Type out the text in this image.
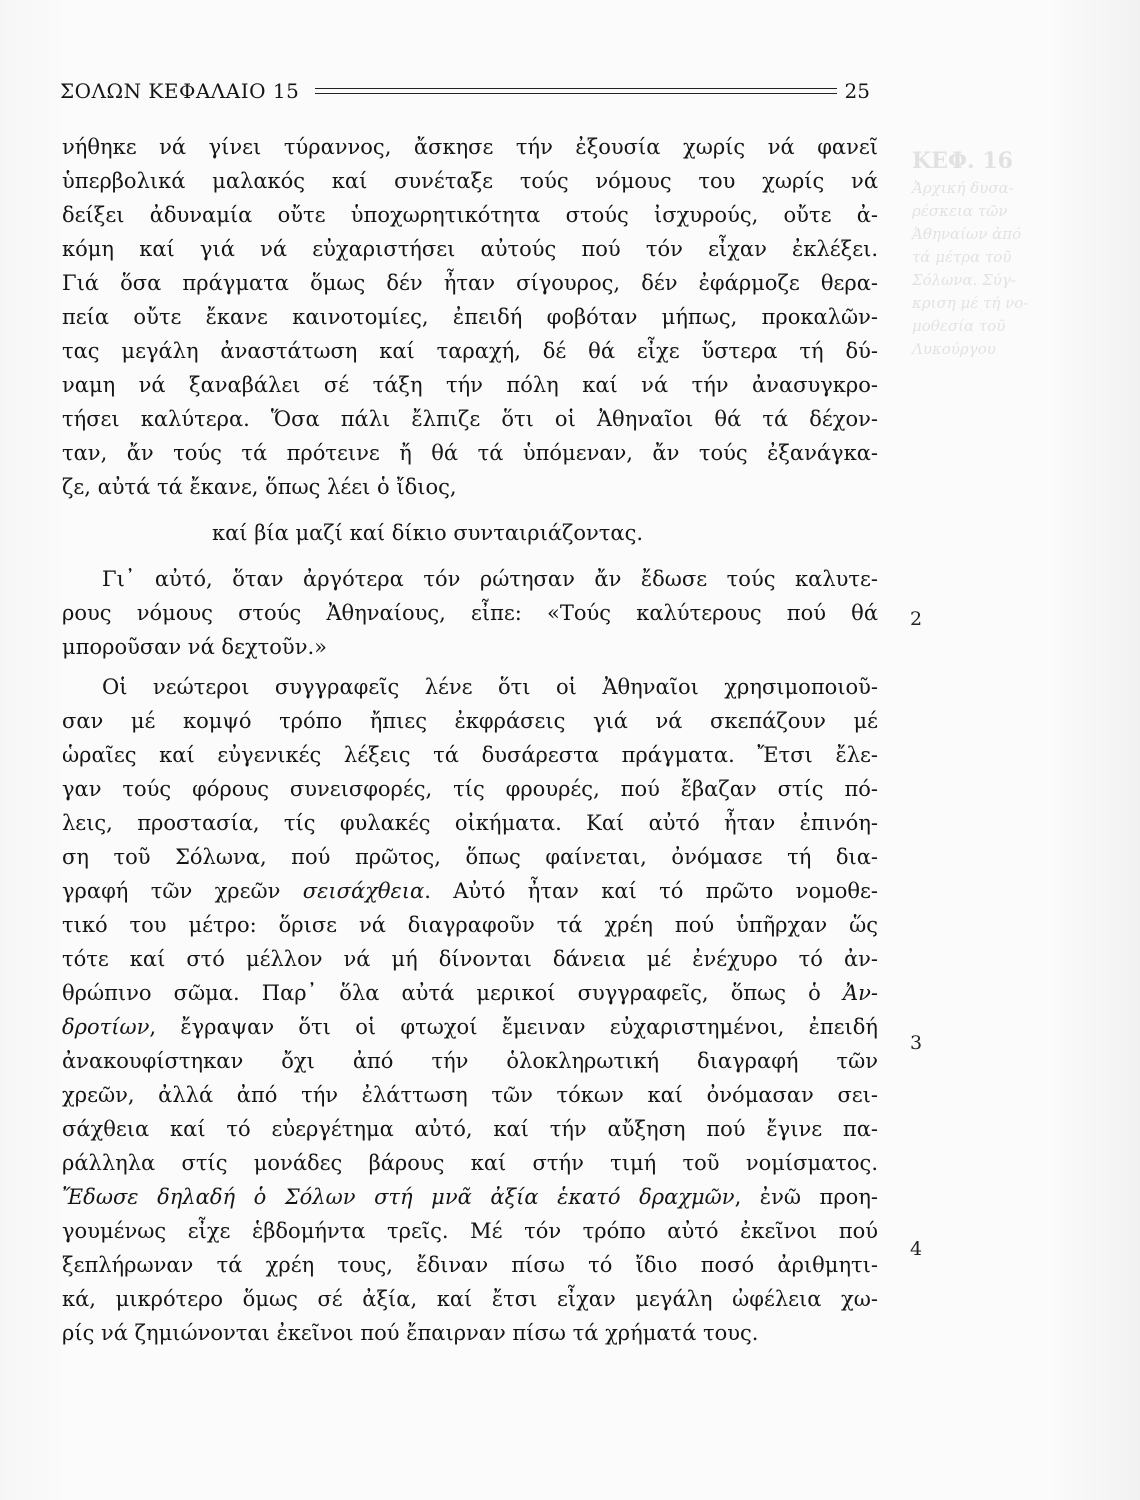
ΚΕΦ. 16
Ἀρχική δυσα-
ρέσκεια τῶν
Ἀθηναίων ἀπό
τά μέτρα τοῦ
Σόλωνα. Σύγ-
κριση μέ τή νο-
μοθεσία τοῦ
Λυκούργου
ΣΟΛΩΝ ΚΕΦΑΛΑΙΟ 15	25
νήθηκε νά γίνει τύραννος, ἄσκησε τήν ἐξουσία χωρίς νά φανεῖ
ὑπερβολικά μαλακός καί συνέταξε τούς νόμους του χωρίς νά
δείξει ἀδυναμία οὔτε ὑποχωρητικότητα στούς ἰσχυρούς, οὔτε ἀ-
κόμη καί γιά νά εὐχαριστήσει αὐτούς πού τόν εἶχαν ἐκλέξει.
Γιά ὅσα πράγματα ὅμως δέν ἦταν σίγουρος, δέν ἐφάρμοζε θερα-
πεία οὔτε ἔκανε καινοτομίες, ἐπειδή φοβόταν μήπως, προκαλῶν-
τας μεγάλη ἀναστάτωση καί ταραχή, δέ θά εἶχε ὕστερα τή δύ-
ναμη νά ξαναβάλει σέ τάξη τήν πόλη καί νά τήν ἀνασυγκρο-
τήσει καλύτερα. Ὅσα πάλι ἔλπιζε ὅτι οἱ Ἀθηναῖοι θά τά δέχον-
ταν, ἄν τούς τά πρότεινε ἤ θά τά ὑπόμεναν, ἄν τούς ἐξανάγκα-
ζε, αὐτά τά ἔκανε, ὅπως λέει ὁ ἴδιος,
καί βία μαζί καί δίκιο συνταιριάζοντας.
Γι᾽ αὐτό, ὅταν ἀργότερα τόν ρώτησαν ἄν ἔδωσε τούς καλυτε-
ρους νόμους στούς Ἀθηναίους, εἶπε: «Τούς καλύτερους πού θά
μποροῦσαν νά δεχτοῦν.»
Οἱ νεώτεροι συγγραφεῖς λένε ὅτι οἱ Ἀθηναῖοι χρησιμοποιοῦ-
σαν μέ κομψό τρόπο ἤπιες ἐκφράσεις γιά νά σκεπάζουν μέ
ὡραῖες καί εὐγενικές λέξεις τά δυσάρεστα πράγματα. Ἔτσι ἔλε-
γαν τούς φόρους συνεισφορές, τίς φρουρές, πού ἔβαζαν στίς πό-
λεις, προστασία, τίς φυλακές οἰκήματα. Καί αὐτό ἦταν ἐπινόη-
ση τοῦ Σόλωνα, πού πρῶτος, ὅπως φαίνεται, ὀνόμασε τή δια-
γραφή τῶν χρεῶν σεισάχθεια. Αὐτό ἦταν καί τό πρῶτο νομοθε-
τικό του μέτρο: ὅρισε νά διαγραφοῦν τά χρέη πού ὑπῆρχαν ὥς
τότε καί στό μέλλον νά μή δίνονται δάνεια μέ ἐνέχυρο τό ἀν-
θρώπινο σῶμα. Παρ᾽ ὅλα αὐτά μερικοί συγγραφεῖς, ὅπως ὁ Ἀν-
δροτίων, ἔγραψαν ὅτι οἱ φτωχοί ἔμειναν εὐχαριστημένοι, ἐπειδή
ἀνακουφίστηκαν ὄχι ἀπό τήν ὁλοκληρωτική διαγραφή τῶν
χρεῶν, ἀλλά ἀπό τήν ἐλάττωση τῶν τόκων καί ὀνόμασαν σει-
σάχθεια καί τό εὐεργέτημα αὐτό, καί τήν αὔξηση πού ἔγινε πα-
ράλληλα στίς μονάδες βάρους καί στήν τιμή τοῦ νομίσματος.
Ἔδωσε δηλαδή ὁ Σόλων στή μνᾶ ἀξία ἑκατό δραχμῶν, ἐνῶ προη-
γουμένως εἶχε ἑβδομήντα τρεῖς. Μέ τόν τρόπο αὐτό ἐκεῖνοι πού
ξεπλήρωναν τά χρέη τους, ἔδιναν πίσω τό ἴδιο ποσό ἀριθμητι-
κά, μικρότερο ὅμως σέ ἀξία, καί ἔτσι εἶχαν μεγάλη ὠφέλεια χω-
ρίς νά ζημιώνονται ἐκεῖνοι πού ἔπαιρναν πίσω τά χρήματά τους.
2
3
4
